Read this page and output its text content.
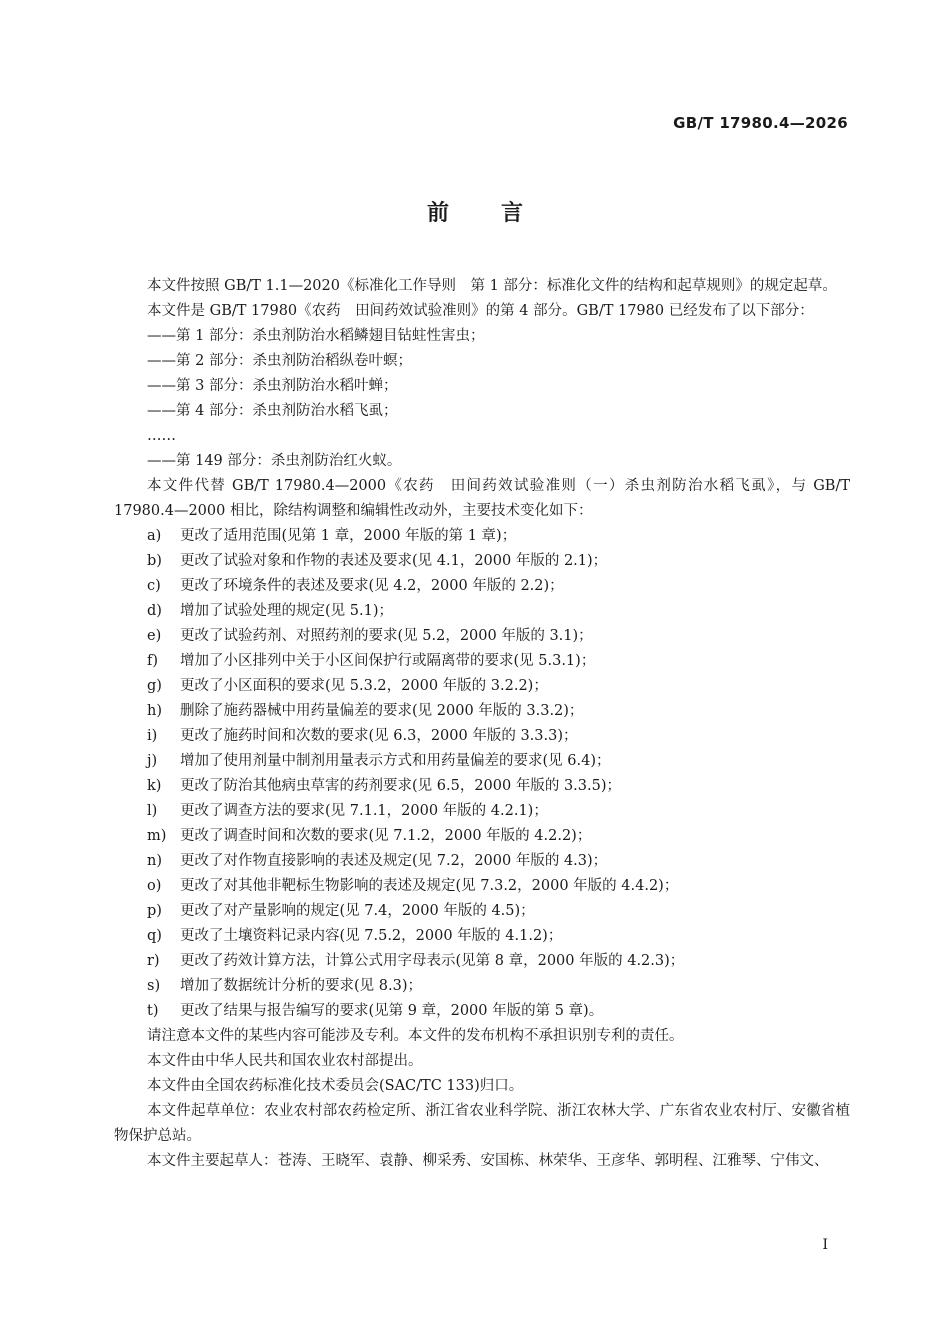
GB/T 17980.4—2026
前 言

本文件按照 GB/T 1.1—2020《标准化工作导则　第 1 部分：标准化文件的结构和起草规则》的规定起草。

本文件是 GB/T 17980《农药　田间药效试验准则》的第 4 部分。GB/T 17980 已经发布了以下部分：

——第 1 部分：杀虫剂防治水稻鳞翅目钻蛀性害虫；

——第 2 部分：杀虫剂防治稻纵卷叶螟；

——第 3 部分：杀虫剂防治水稻叶蝉；

——第 4 部分：杀虫剂防治水稻飞虱；

……

——第 149 部分：杀虫剂防治红火蚁。

本文件代替 GB/T 17980.4—2000《农药　田间药效试验准则（一）杀虫剂防治水稻飞虱》，与 GB/T 17980.4—2000 相比，除结构调整和编辑性改动外，主要技术变化如下：

a) 更改了适用范围(见第 1 章，2000 年版的第 1 章)；

b) 更改了试验对象和作物的表述及要求(见 4.1，2000 年版的 2.1)；

c) 更改了环境条件的表述及要求(见 4.2，2000 年版的 2.2)；

d) 增加了试验处理的规定(见 5.1)；

e) 更改了试验药剂、对照药剂的要求(见 5.2，2000 年版的 3.1)；

f) 增加了小区排列中关于小区间保护行或隔离带的要求(见 5.3.1)；

g) 更改了小区面积的要求(见 5.3.2，2000 年版的 3.2.2)；

h) 删除了施药器械中用药量偏差的要求(见 2000 年版的 3.3.2)；

i) 更改了施药时间和次数的要求(见 6.3，2000 年版的 3.3.3)；

j) 增加了使用剂量中制剂用量表示方式和用药量偏差的要求(见 6.4)；

k) 更改了防治其他病虫草害的药剂要求(见 6.5，2000 年版的 3.3.5)；

l) 更改了调查方法的要求(见 7.1.1，2000 年版的 4.2.1)；

m) 更改了调查时间和次数的要求(见 7.1.2，2000 年版的 4.2.2)；

n) 更改了对作物直接影响的表述及规定(见 7.2，2000 年版的 4.3)；

o) 更改了对其他非靶标生物影响的表述及规定(见 7.3.2，2000 年版的 4.4.2)；

p) 更改了对产量影响的规定(见 7.4，2000 年版的 4.5)；

q) 更改了土壤资料记录内容(见 7.5.2，2000 年版的 4.1.2)；

r) 更改了药效计算方法，计算公式用字母表示(见第 8 章，2000 年版的 4.2.3)；

s) 增加了数据统计分析的要求(见 8.3)；

t) 更改了结果与报告编写的要求(见第 9 章，2000 年版的第 5 章)。

请注意本文件的某些内容可能涉及专利。本文件的发布机构不承担识别专利的责任。

本文件由中华人民共和国农业农村部提出。

本文件由全国农药标准化技术委员会(SAC/TC 133)归口。

本文件起草单位：农业农村部农药检定所、浙江省农业科学院、浙江农林大学、广东省农业农村厅、安徽省植物保护总站。

本文件主要起草人：苍涛、王晓军、袁静、柳采秀、安国栋、林荣华、王彦华、郭明程、江雅琴、宁伟文、

I
